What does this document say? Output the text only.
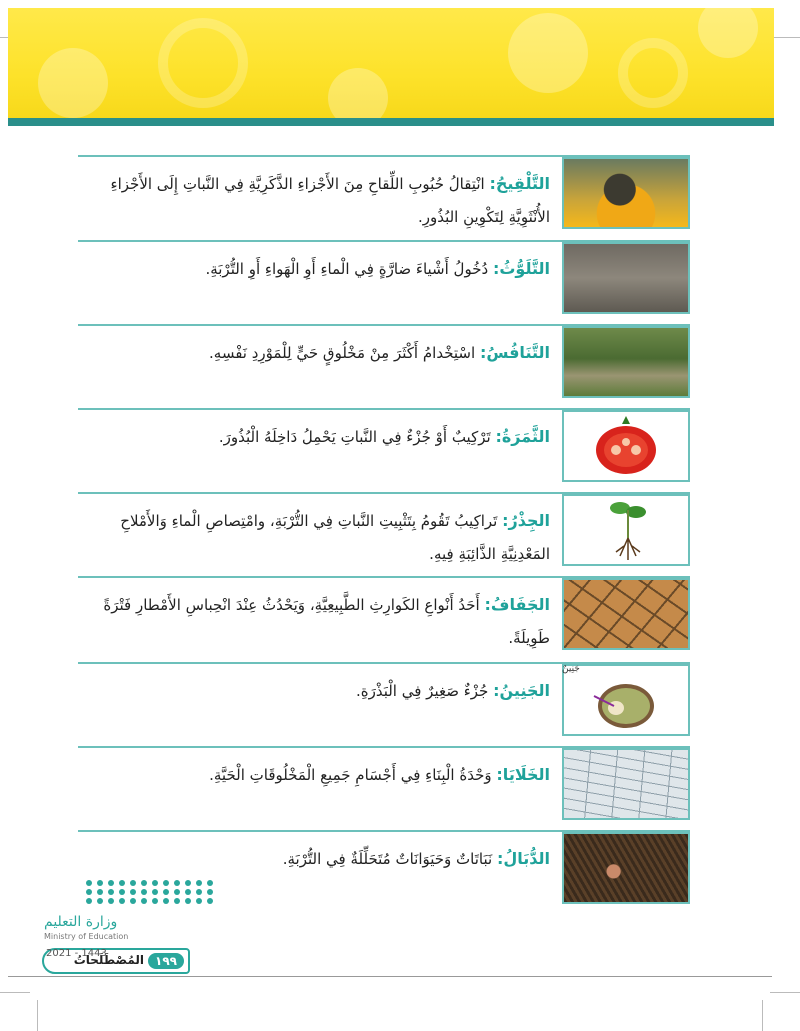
التَّلْقِيحُ: انْتِقالُ حُبُوبِ اللِّقاحِ مِنَ الأَجْزاءِ الذَّكَرِيَّةِ فِي النَّباتِ إِلَى الأَجْزاءِ الأُنْثَوِيَّةِ لِتَكْوِينِ البُذُورِ.
التَّلَوُّثُ: دُخُولُ أَشْياءَ ضارَّةٍ فِي الْماءِ أَوِ الْهَواءِ أَوِ التُّرْبَةِ.
التَّنَافُسُ: اسْتِخْدامُ أَكْثَرَ مِنْ مَخْلُوقٍ حَيٍّ لِلْمَوْرِدِ نَفْسِهِ.
الثَّمَرَةُ: تَرْكِيبٌ أَوْ جُزْءٌ فِي النَّباتِ يَحْمِلُ دَاخِلَهُ الْبُذُورَ.
الجِذْرُ: تَراكِيبُ تَقُومُ بِتَثْبِيتِ النَّباتِ فِي التُّرْبَةِ، وامْتِصاصِ الْماءِ وَالأَمْلاحِ المَعْدِنِيَّةِ الذَّائِبَةِ فِيهِ.
الجَفَافُ: أَحَدُ أَنْواعِ الكَوارِثِ الطَّبِيعِيَّةِ، وَيَحْدُثُ عِنْدَ انْحِباسِ الأَمْطارِ فَتْرَةً طَوِيلَةً.
الجَنِينُ: جُزْءٌ صَغِيرٌ فِي الْبَذْرَةِ.
جَنِينٌ
الخَلَايَا: وَحْدَةُ الْبِنَاءِ فِي أَجْسَامِ جَمِيعِ الْمَخْلُوقَاتِ الْحَيَّةِ.
الدُّبَالُ: نَبَاتَاتٌ وَحَيَوَانَاتٌ مُتَحَلِّلَةٌ فِي التُّرْبَةِ.
وزارة التعليم
Ministry of Education
١٩٩
المُصْطَلَحاتُ
2021 - 1443
